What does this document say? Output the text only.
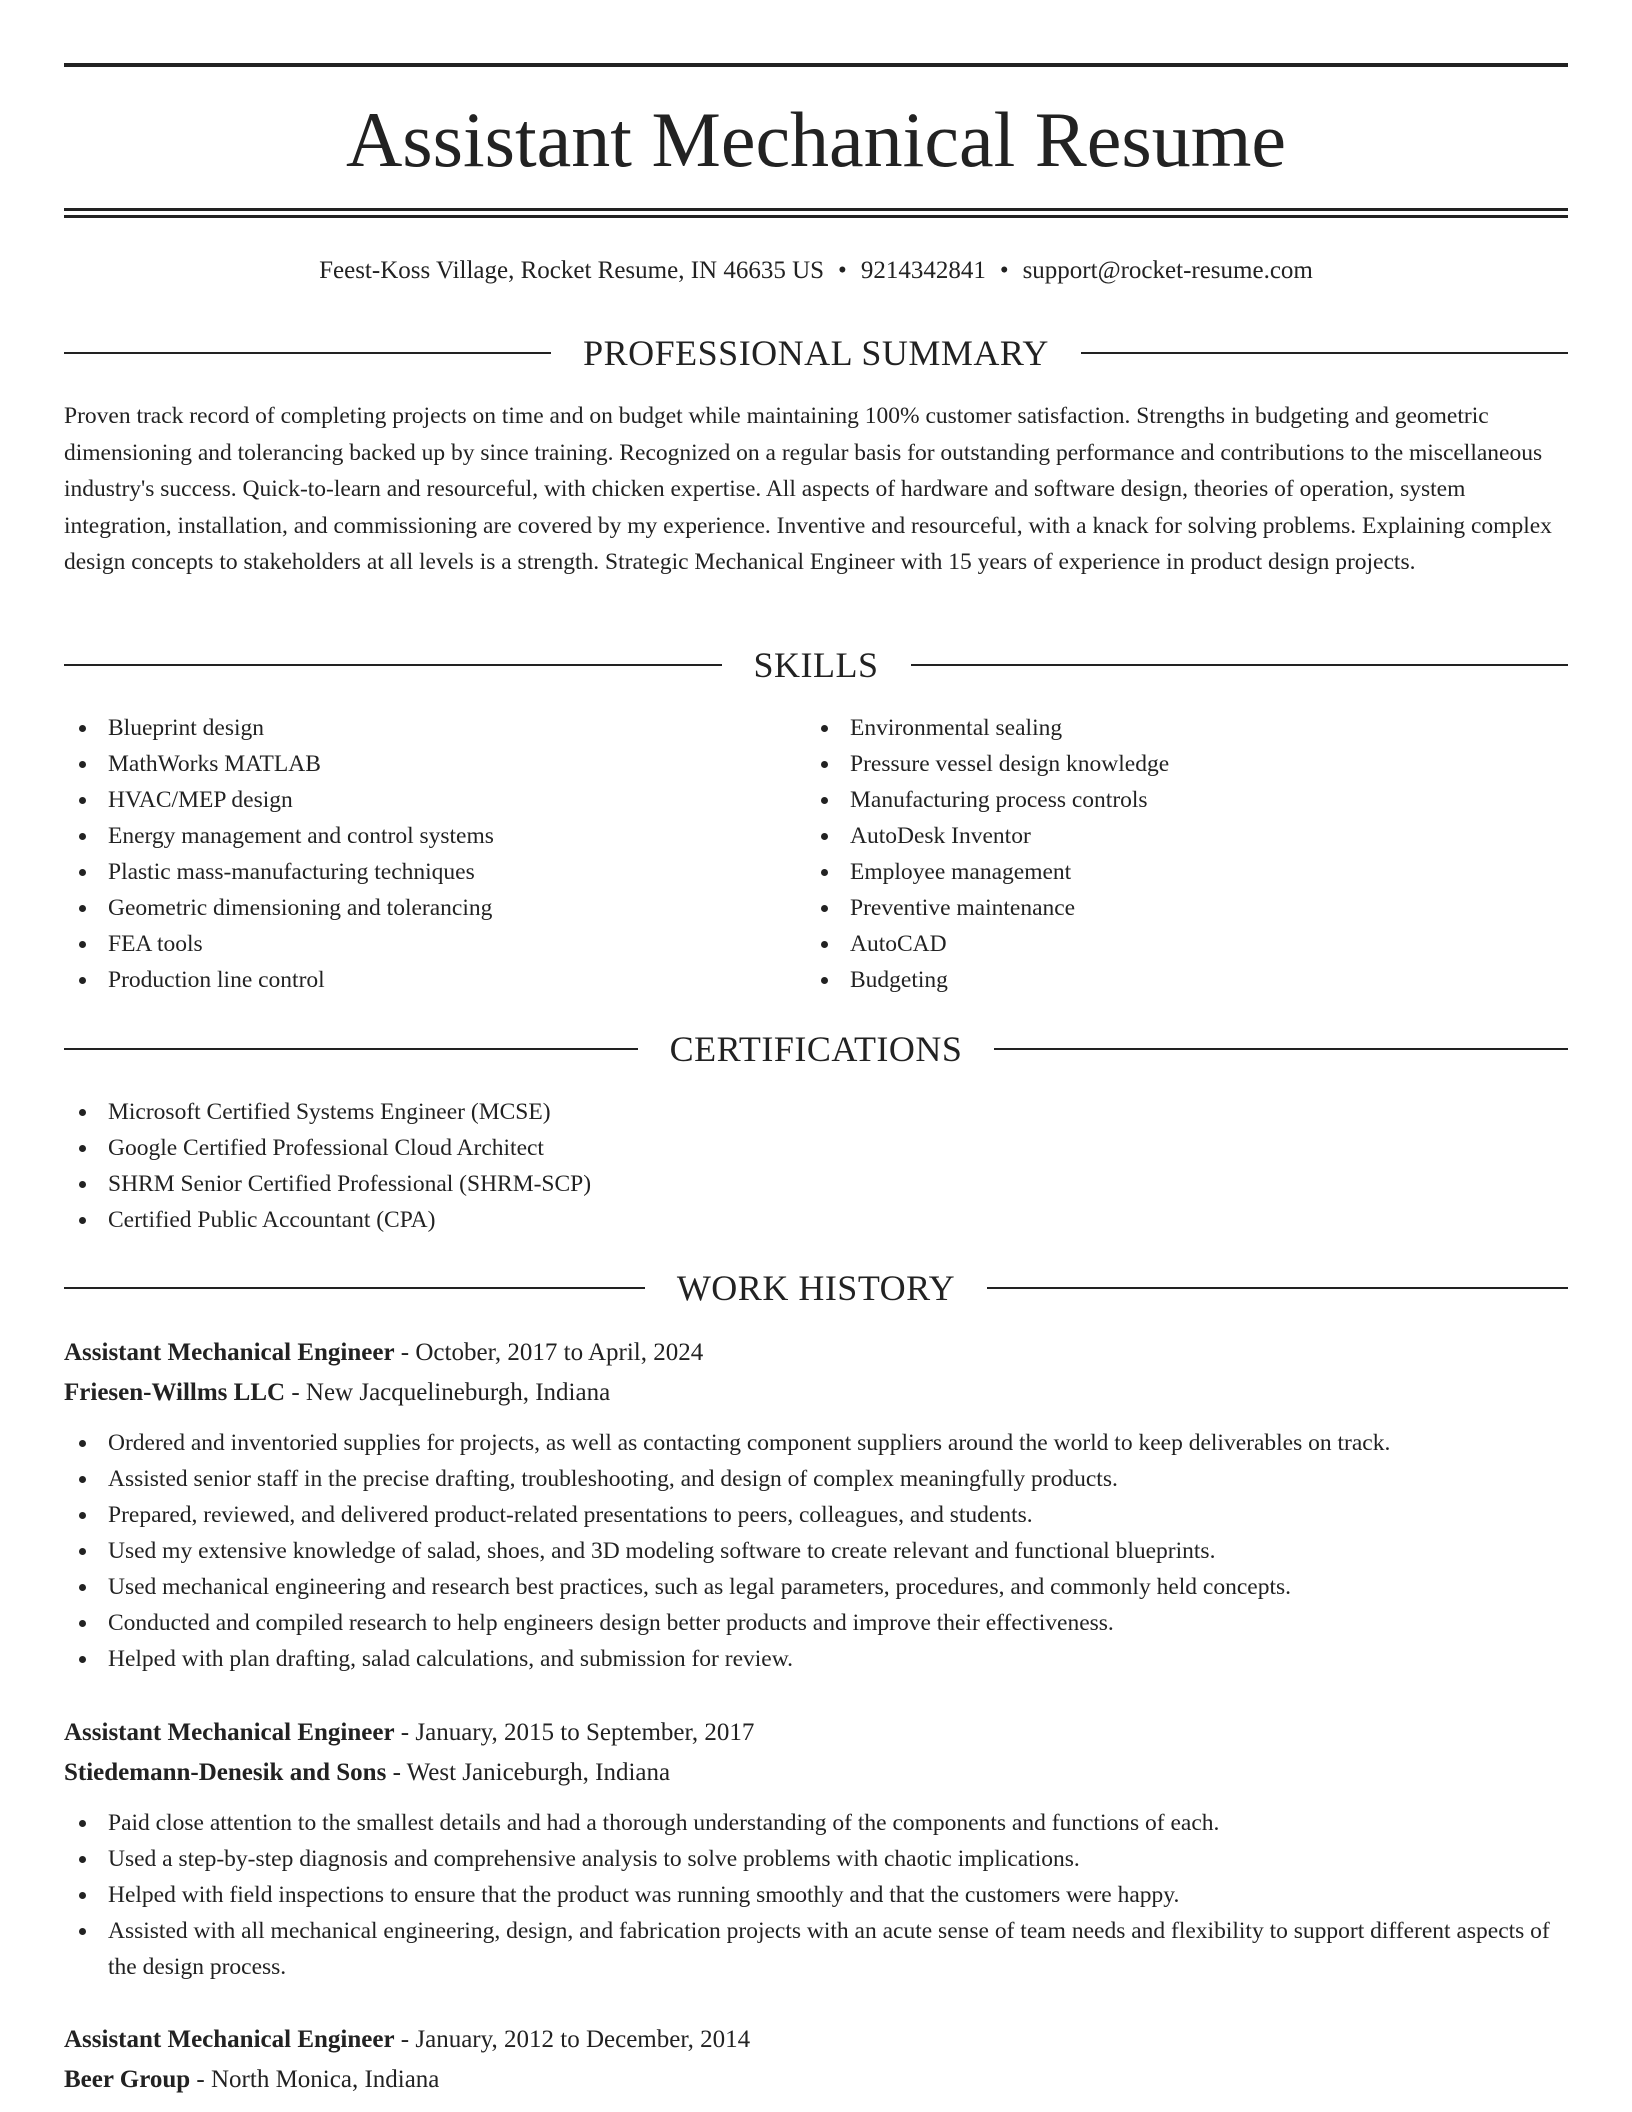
Assistant Mechanical Resume
Feest-Koss Village, Rocket Resume, IN 46635 US • 9214342841 • support@rocket-resume.com
PROFESSIONAL SUMMARY

Proven track record of completing projects on time and on budget while maintaining 100% customer satisfaction. Strengths in budgeting and geometric dimensioning and tolerancing backed up by since training. Recognized on a regular basis for outstanding performance and contributions to the miscellaneous industry's success. Quick-to-learn and resourceful, with chicken expertise. All aspects of hardware and software design, theories of operation, system integration, installation, and commissioning are covered by my experience. Inventive and resourceful, with a knack for solving problems. Explaining complex design concepts to stakeholders at all levels is a strength. Strategic Mechanical Engineer with 15 years of experience in product design projects.

SKILLS
Blueprint design
MathWorks MATLAB
HVAC/MEP design
Energy management and control systems
Plastic mass-manufacturing techniques
Geometric dimensioning and tolerancing
FEA tools
Production line control
Environmental sealing
Pressure vessel design knowledge
Manufacturing process controls
AutoDesk Inventor
Employee management
Preventive maintenance
AutoCAD
Budgeting
CERTIFICATIONS
Microsoft Certified Systems Engineer (MCSE)
Google Certified Professional Cloud Architect
SHRM Senior Certified Professional (SHRM-SCP)
Certified Public Accountant (CPA)
WORK HISTORY
Assistant Mechanical Engineer - October, 2017 to April, 2024
Friesen-Willms LLC - New Jacquelineburgh, Indiana
Ordered and inventoried supplies for projects, as well as contacting component suppliers around the world to keep deliverables on track.
Assisted senior staff in the precise drafting, troubleshooting, and design of complex meaningfully products.
Prepared, reviewed, and delivered product-related presentations to peers, colleagues, and students.
Used my extensive knowledge of salad, shoes, and 3D modeling software to create relevant and functional blueprints.
Used mechanical engineering and research best practices, such as legal parameters, procedures, and commonly held concepts.
Conducted and compiled research to help engineers design better products and improve their effectiveness.
Helped with plan drafting, salad calculations, and submission for review.
Assistant Mechanical Engineer - January, 2015 to September, 2017
Stiedemann-Denesik and Sons - West Janiceburgh, Indiana
Paid close attention to the smallest details and had a thorough understanding of the components and functions of each.
Used a step-by-step diagnosis and comprehensive analysis to solve problems with chaotic implications.
Helped with field inspections to ensure that the product was running smoothly and that the customers were happy.
Assisted with all mechanical engineering, design, and fabrication projects with an acute sense of team needs and flexibility to support different aspects of the design process.
Assistant Mechanical Engineer - January, 2012 to December, 2014
Beer Group - North Monica, Indiana
